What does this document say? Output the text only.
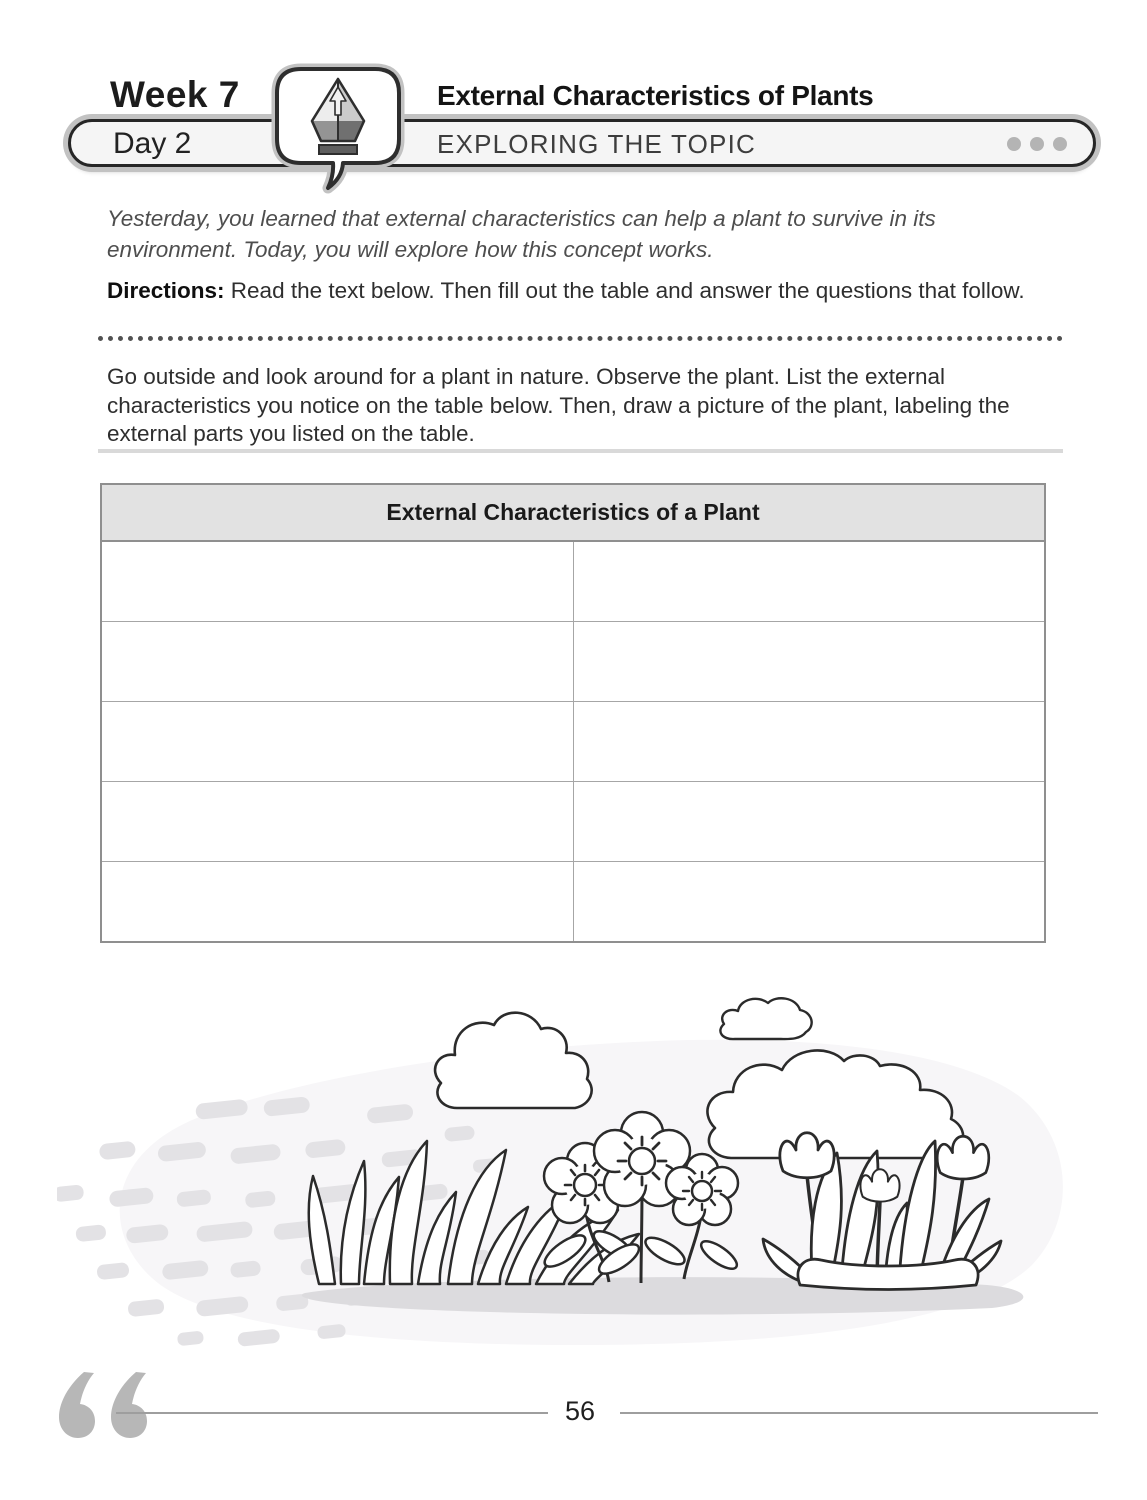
Week 7
Day 2	EXPLORING THE TOPIC
External Characteristics of Plants

Yesterday, you learned that external characteristics can help a plant to survive in its environment. Today, you will explore how this concept works.

Directions: Read the text below. Then fill out the table and answer the questions that follow.

Go outside and look around for a plant in nature. Observe the plant. List the external characteristics you notice on the table below. Then, draw a picture of the plant, labeling the external parts you listed on the table.

External Characteristics of a Plant	

56
